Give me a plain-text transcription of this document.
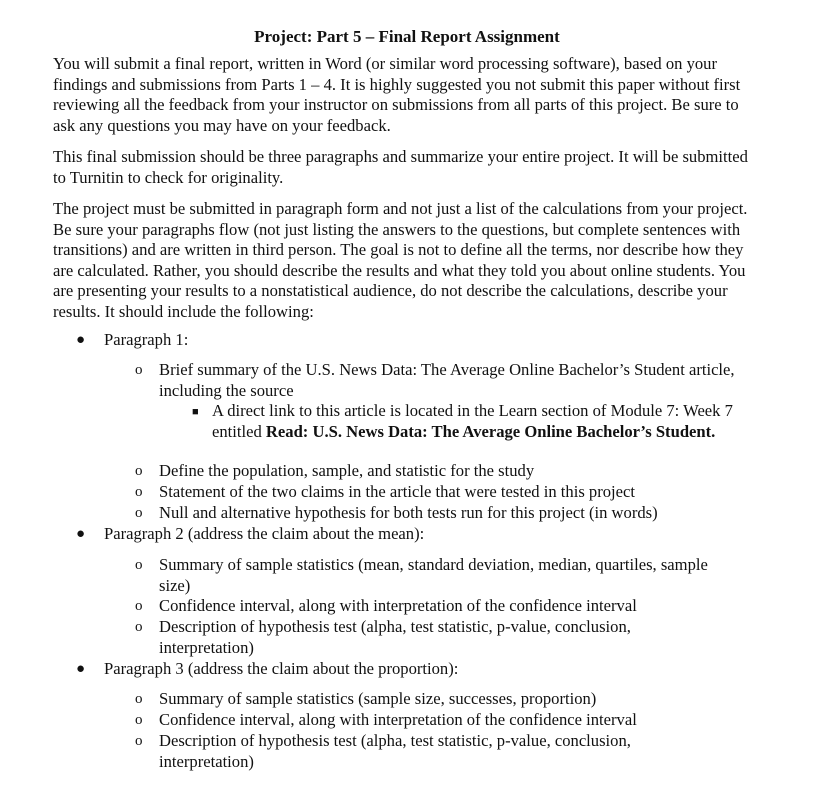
Project: Part 5 – Final Report Assignment

You will submit a final report, written in Word (or similar word processing software), based on your findings and submissions from Parts 1 – 4. It is highly suggested you not submit this paper without first reviewing all the feedback from your instructor on submissions from all parts of this project. Be sure to ask any questions you may have on your feedback.

This final submission should be three paragraphs and summarize your entire project. It will be submitted to Turnitin to check for originality.

The project must be submitted in paragraph form and not just a list of the calculations from your project. Be sure your paragraphs flow (not just listing the answers to the questions, but complete sentences with transitions) and are written in third person. The goal is not to define all the terms, nor describe how they are calculated. Rather, you should describe the results and what they told you about online students. You are presenting your results to a nonstatistical audience, do not describe the calculations, describe your results. It should include the following:

● Paragraph 1:

o Brief summary of the U.S. News Data: The Average Online Bachelor’s Student article, including the source

■ A direct link to this article is located in the Learn section of Module 7: Week 7 entitled Read: U.S. News Data: The Average Online Bachelor’s Student.

o Define the population, sample, and statistic for the study

o Statement of the two claims in the article that were tested in this project

o Null and alternative hypothesis for both tests run for this project (in words)

● Paragraph 2 (address the claim about the mean):

o Summary of sample statistics (mean, standard deviation, median, quartiles, sample size)

o Confidence interval, along with interpretation of the confidence interval

o Description of hypothesis test (alpha, test statistic, p-value, conclusion, interpretation)

● Paragraph 3 (address the claim about the proportion):

o Summary of sample statistics (sample size, successes, proportion)

o Confidence interval, along with interpretation of the confidence interval

o Description of hypothesis test (alpha, test statistic, p-value, conclusion, interpretation)
